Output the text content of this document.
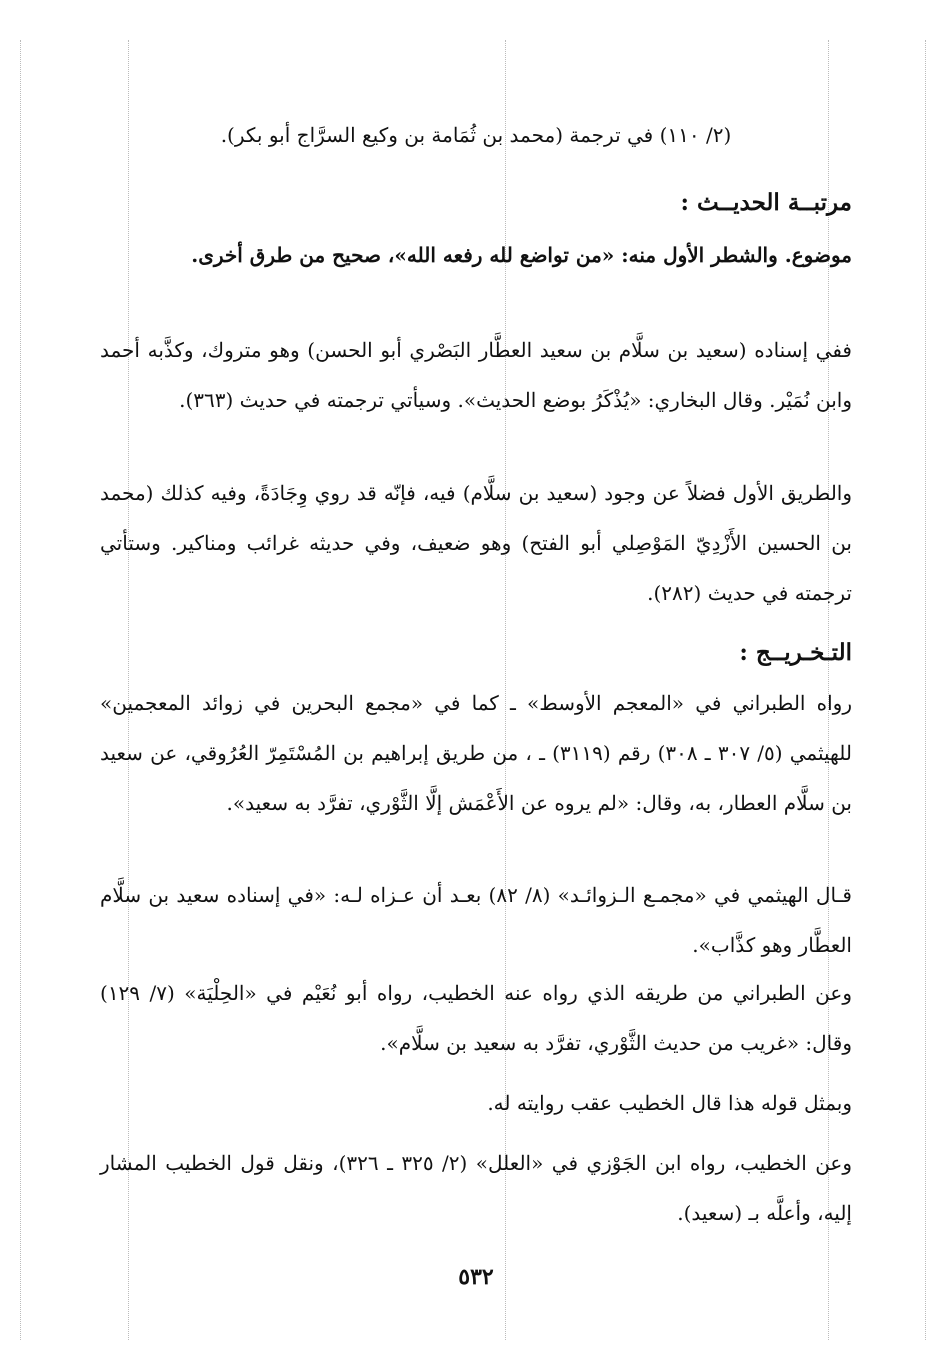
(٢/ ١١٠) في ترجمة (محمد بن ثُمَامة بن وكيع السرَّاج أبو بكر).
مرتبــة الحديــث :
موضوع. والشطر الأول منه: «من تواضع لله رفعه الله»، صحيح من طرق أخرى.
ففي إسناده (سعيد بن سلَّام بن سعيد العطَّار البَصْري أبو الحسن) وهو متروك، وكذَّبه أحمد وابن نُمَيْر. وقال البخاري: «يُذْكَرُ بوضع الحديث». وسيأتي ترجمته في حديث (٣٦٣).
والطريق الأول فضلاً عن وجود (سعيد بن سلَّام) فيه، فإنّه قد روي وِجَادَةً، وفيه كذلك (محمد بن الحسين الأَزْدِيّ المَوْصِلي أبو الفتح) وهو ضعيف، وفي حديثه غرائب ومناكير. وستأتي ترجمته في حديث (٢٨٢).
التـخـريــج :
رواه الطبراني في «المعجم الأوسط» ـ كما في «مجمع البحرين في زوائد المعجمين» للهيثمي (٥/ ٣٠٧ ـ ٣٠٨) رقم (٣١١٩) ـ ، من طريق إبراهيم بن المُسْتَمِرّ العُرُوقي، عن سعيد بن سلَّام العطار، به، وقال: «لم يروه عن الأَعْمَش إلَّا الثَّوْري، تفرَّد به سعيد».
قـال الهيثمي في «مجمـع الـزوائـد» (٨/ ٨٢) بعـد أن عـزاه لـه: «في إسناده سعيد بن سلَّام العطَّار وهو كذَّاب».
وعن الطبراني من طريقه الذي رواه عنه الخطيب، رواه أبو نُعَيْم في «الحِلْيَة» (٧/ ١٢٩) وقال: «غريب من حديث الثَّوْري، تفرَّد به سعيد بن سلَّام».
وبمثل قوله هذا قال الخطيب عقب روايته له.
وعن الخطيب، رواه ابن الجَوْزي في «العلل» (٢/ ٣٢٥ ـ ٣٢٦)، ونقل قول الخطيب المشار إليه، وأعلَّه بـ (سعيد).
٥٣٢
